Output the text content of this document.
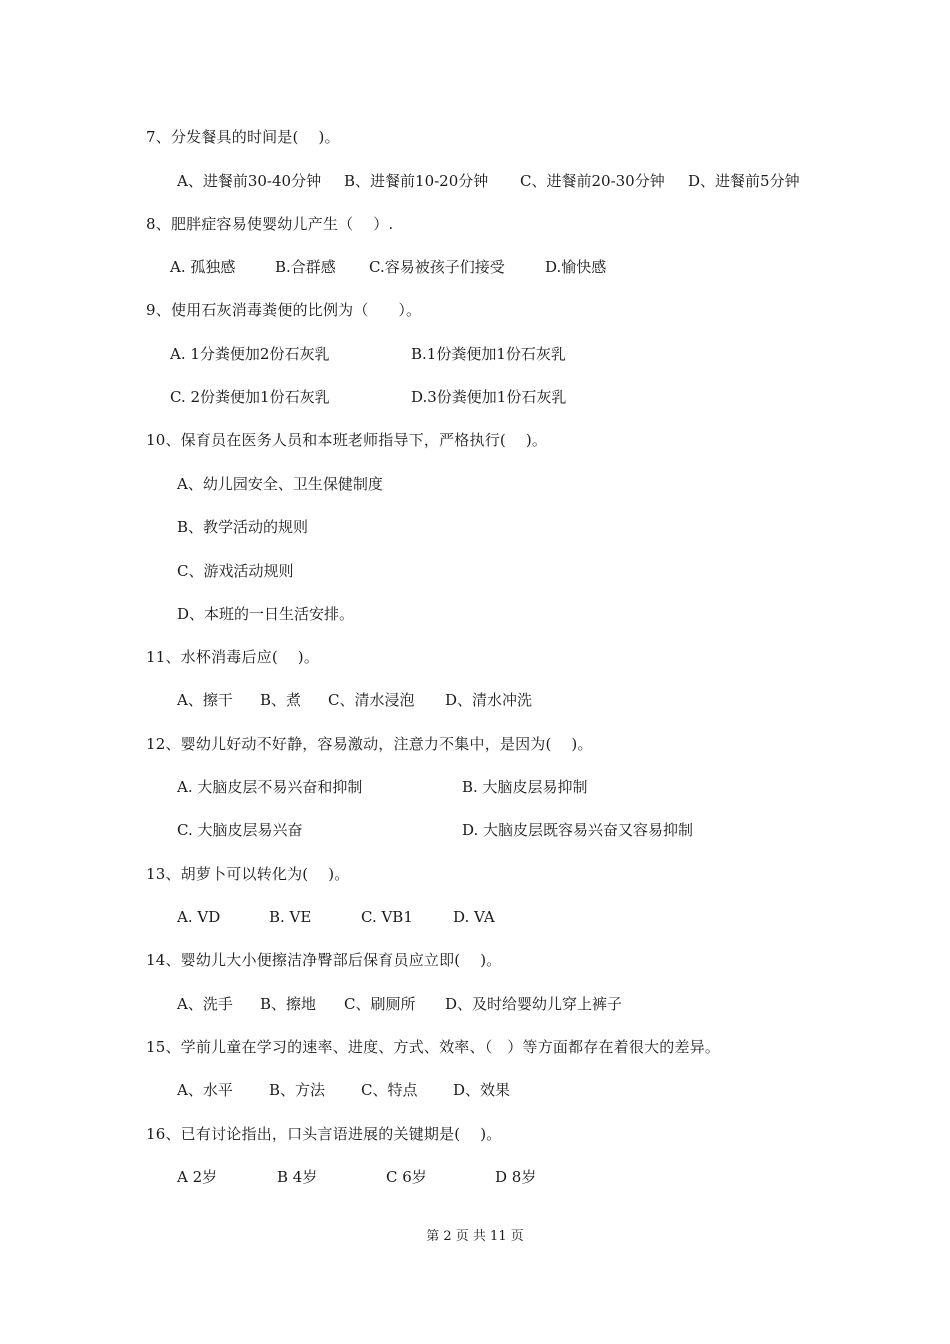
7、分发餐具的时间是(    )。
A、进餐前30-40分钟 B、进餐前10-20分钟 C、进餐前20-30分钟 D、进餐前5分钟
8、肥胖症容易使婴幼儿产生（    ）.
A. 孤独感	B.合群感 C.容易被孩子们接受	D.愉快感
9、使用石灰消毒粪便的比例为（      ）。
A. 1分粪便加2份石灰乳	B.1份粪便加1份石灰乳
C. 2份粪便加1份石灰乳	D.3份粪便加1份石灰乳
10、保育员在医务人员和本班老师指导下，严格执行(    )。
A、幼儿园安全、卫生保健制度
B、教学活动的规则
C、游戏活动规则
D、本班的一日生活安排。
11、水杯消毒后应(    )。
A、擦干 B、煮 C、清水浸泡 D、清水冲洗
12、婴幼儿好动不好静，容易激动，注意力不集中，是因为(    )。
A. 大脑皮层不易兴奋和抑制	B. 大脑皮层易抑制
C. 大脑皮层易兴奋	D. 大脑皮层既容易兴奋又容易抑制
13、胡萝卜可以转化为(    )。
A. VD	B. VE	C. VB1	D. VA
14、婴幼儿大小便擦洁净臀部后保育员应立即(    )。
A、洗手 B、擦地 C、刷厕所 D、及时给婴幼儿穿上裤子
15、学前儿童在学习的速率、进度、方式、效率、（   ）等方面都存在着很大的差异。
A、水平 B、方法 C、特点 D、效果
16、已有讨论指出，口头言语进展的关键期是(    )。
A 2岁	B 4岁	C 6岁	D 8岁
第 2 页 共 11 页
